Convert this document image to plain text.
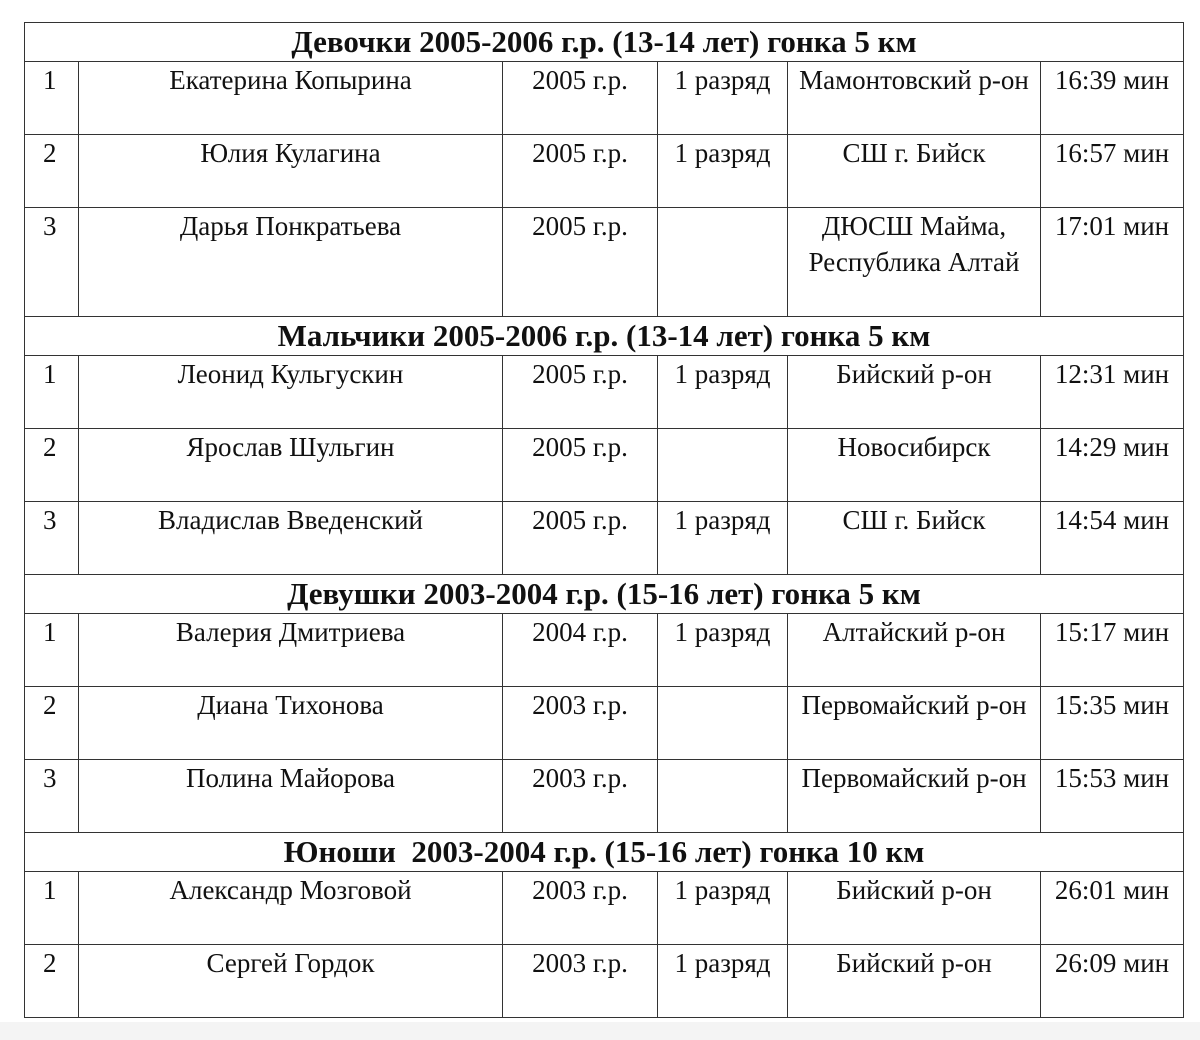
Девочки 2005-2006 г.р. (13-14 лет) гонка 5 км					
1	Екатерина Копырина	2005 г.р.	1 разряд	Мамонтовский р-он	16:39 мин
2	Юлия Кулагина	2005 г.р.	1 разряд	СШ г. Бийск	16:57 мин
3	Дарья Понкратьева	2005 г.р.		ДЮСШ Майма, Республика Алтай	17:01 мин
Мальчики 2005-2006 г.р. (13-14 лет) гонка 5 км					
1	Леонид Кульгускин	2005 г.р.	1 разряд	Бийский р-он	12:31 мин
2	Ярослав Шульгин	2005 г.р.		Новосибирск	14:29 мин
3	Владислав Введенский	2005 г.р.	1 разряд	СШ г. Бийск	14:54 мин
Девушки 2003-2004 г.р. (15-16 лет) гонка 5 км					
1	Валерия Дмитриева	2004 г.р.	1 разряд	Алтайский р-он	15:17 мин
2	Диана Тихонова	2003 г.р.		Первомайский р-он	15:35 мин
3	Полина Майорова	2003 г.р.		Первомайский р-он	15:53 мин
Юноши  2003-2004 г.р. (15-16 лет) гонка 10 км					
1	Александр Мозговой	2003 г.р.	1 разряд	Бийский р-он	26:01 мин
2	Сергей Гордок	2003 г.р.	1 разряд	Бийский р-он	26:09 мин
